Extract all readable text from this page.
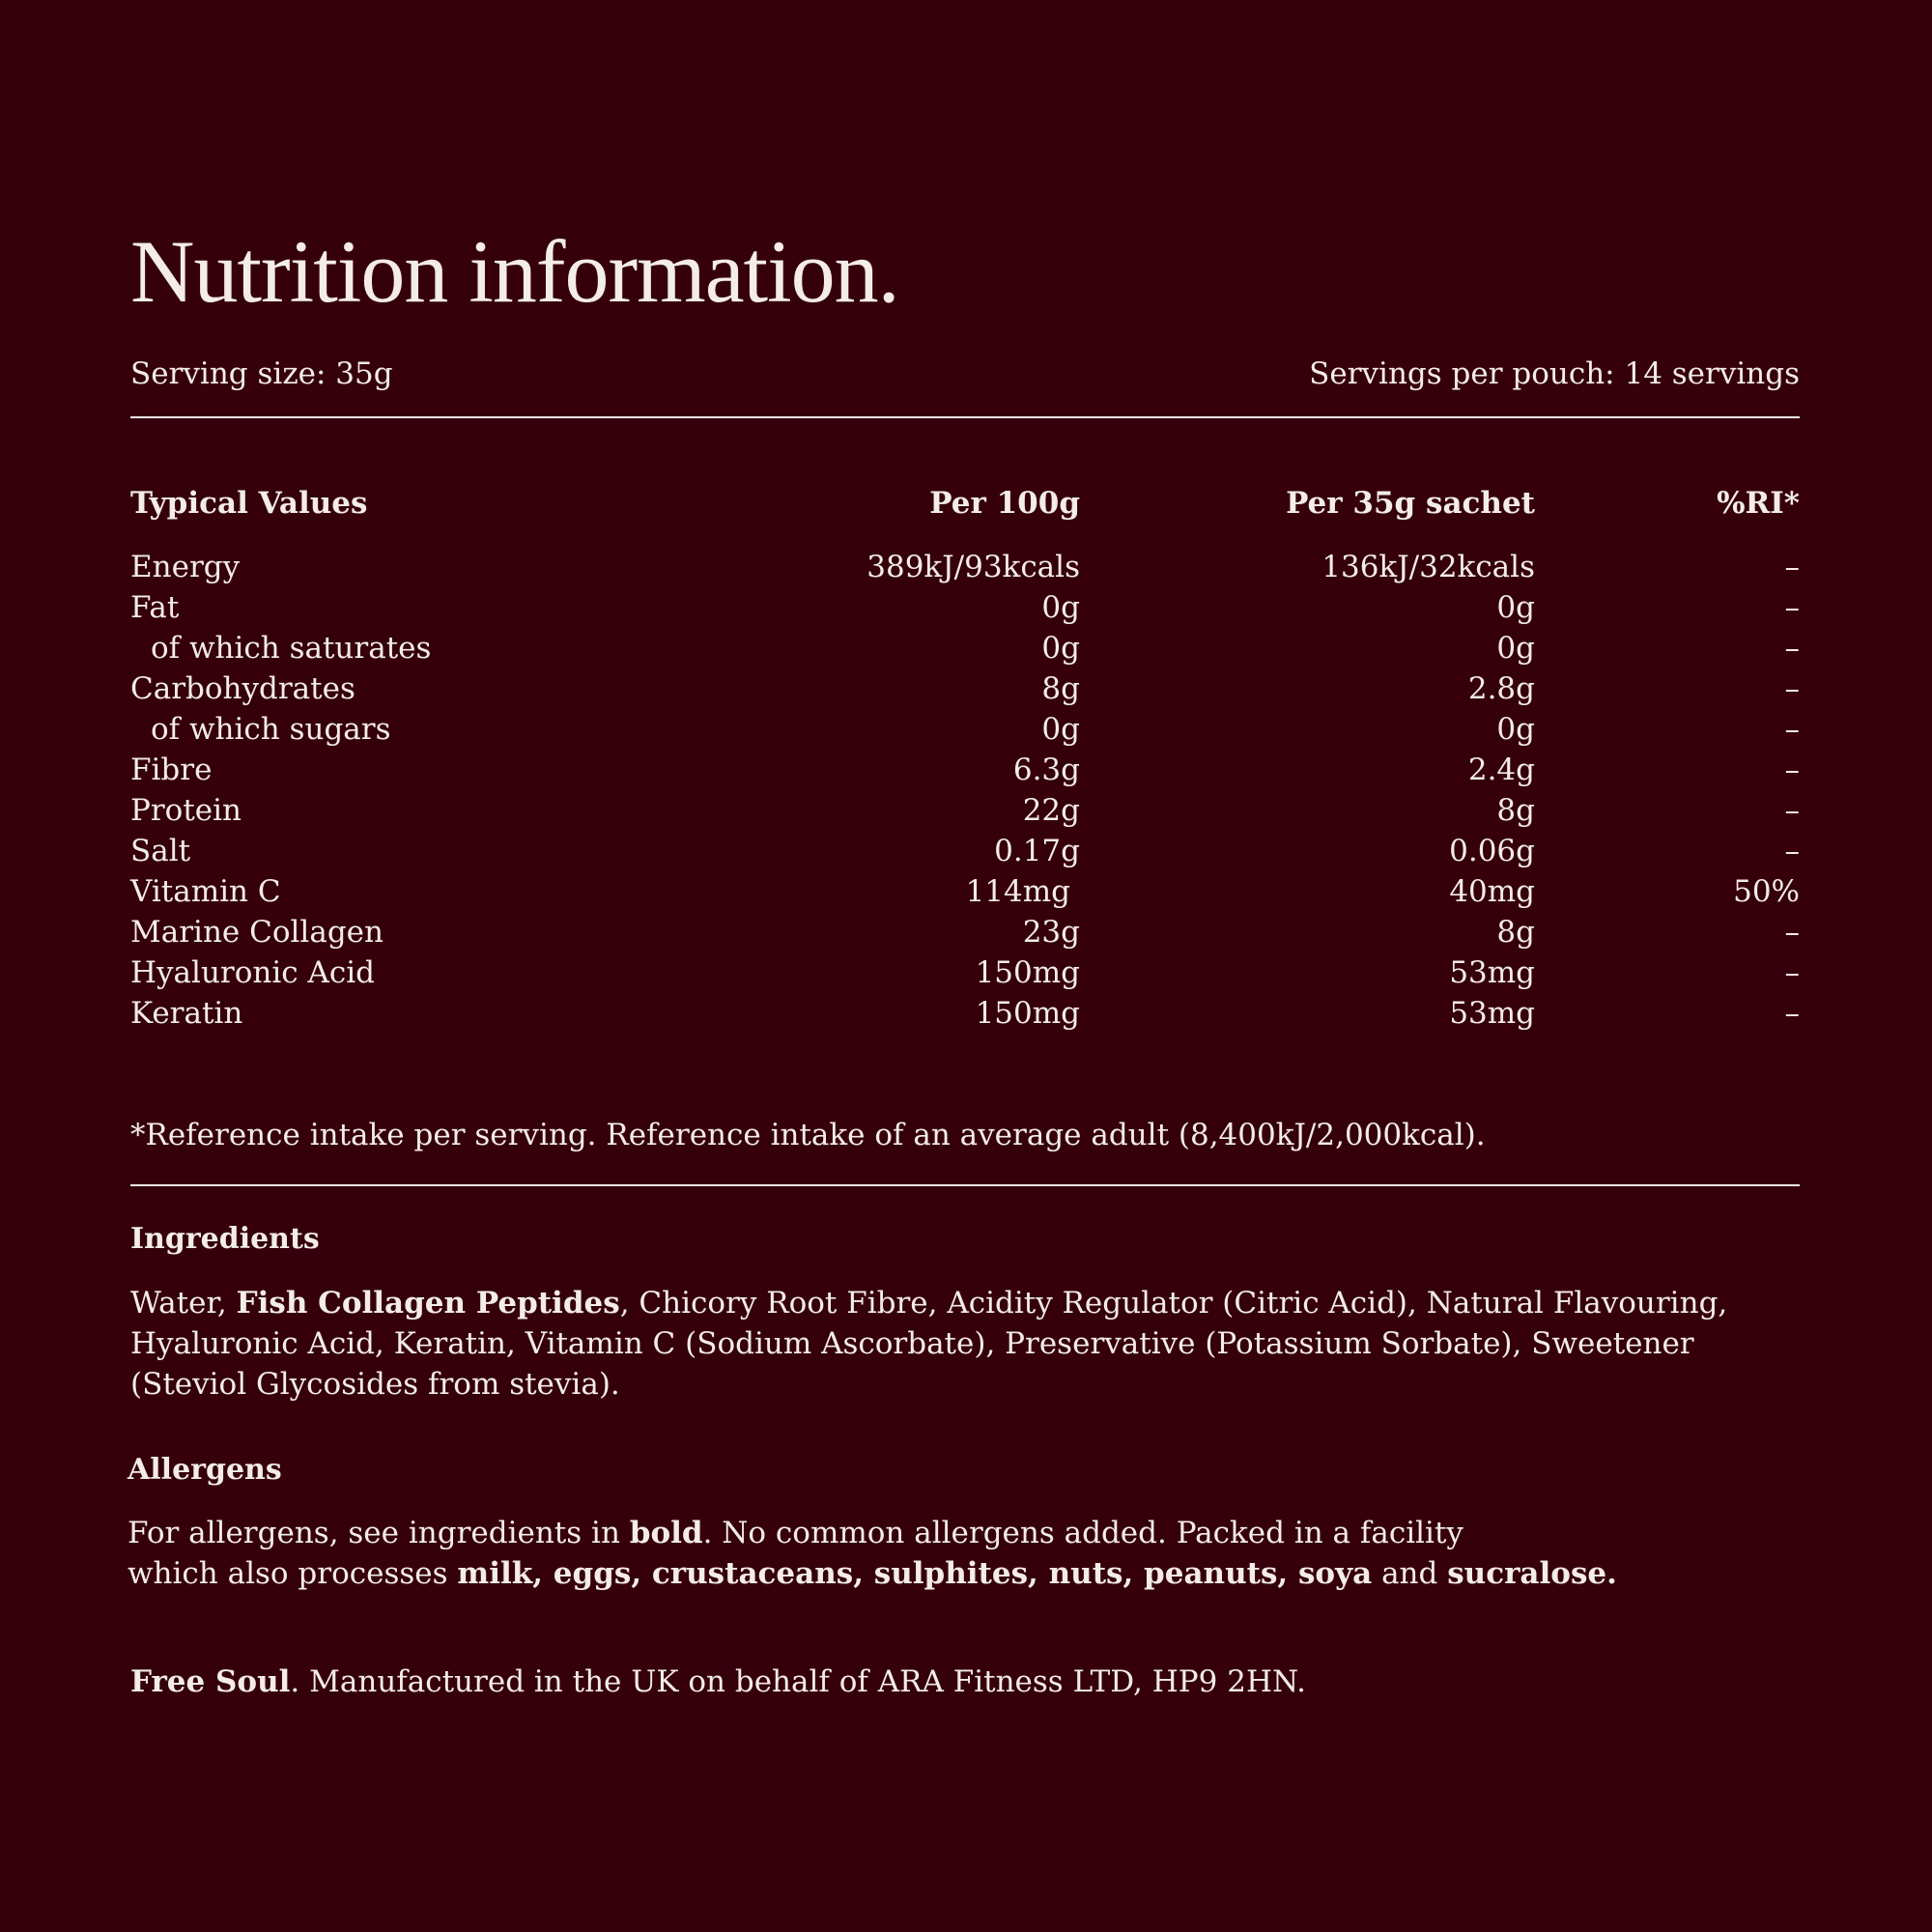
Nutrition information.
Serving size: 35g	Servings per pouch: 14 servings
Typical Values	Per 100g	Per 35g sachet	%RI*
Energy	389kJ/93kcals	136kJ/32kcals	–
Fat	0g	0g	–
of which saturates	0g	0g	–
Carbohydrates	8g	2.8g	–
of which sugars	0g	0g	–
Fibre	6.3g	2.4g	–
Protein	22g	8g	–
Salt	0.17g	0.06g	–
Vitamin C	114mg	40mg	50%
Marine Collagen	23g	8g	–
Hyaluronic Acid	150mg	53mg	–
Keratin	150mg	53mg	–
*Reference intake per serving. Reference intake of an average adult (8,400kJ/2,000kcal).
Ingredients
Water, Fish Collagen Peptides, Chicory Root Fibre, Acidity Regulator (Citric Acid), Natural Flavouring,
Hyaluronic Acid, Keratin, Vitamin C (Sodium Ascorbate), Preservative (Potassium Sorbate), Sweetener
(Steviol Glycosides from stevia).
Allergens
For allergens, see ingredients in bold. No common allergens added. Packed in a facility
which also processes milk, eggs, crustaceans, sulphites, nuts, peanuts, soya and sucralose.
Free Soul. Manufactured in the UK on behalf of ARA Fitness LTD, HP9 2HN.
